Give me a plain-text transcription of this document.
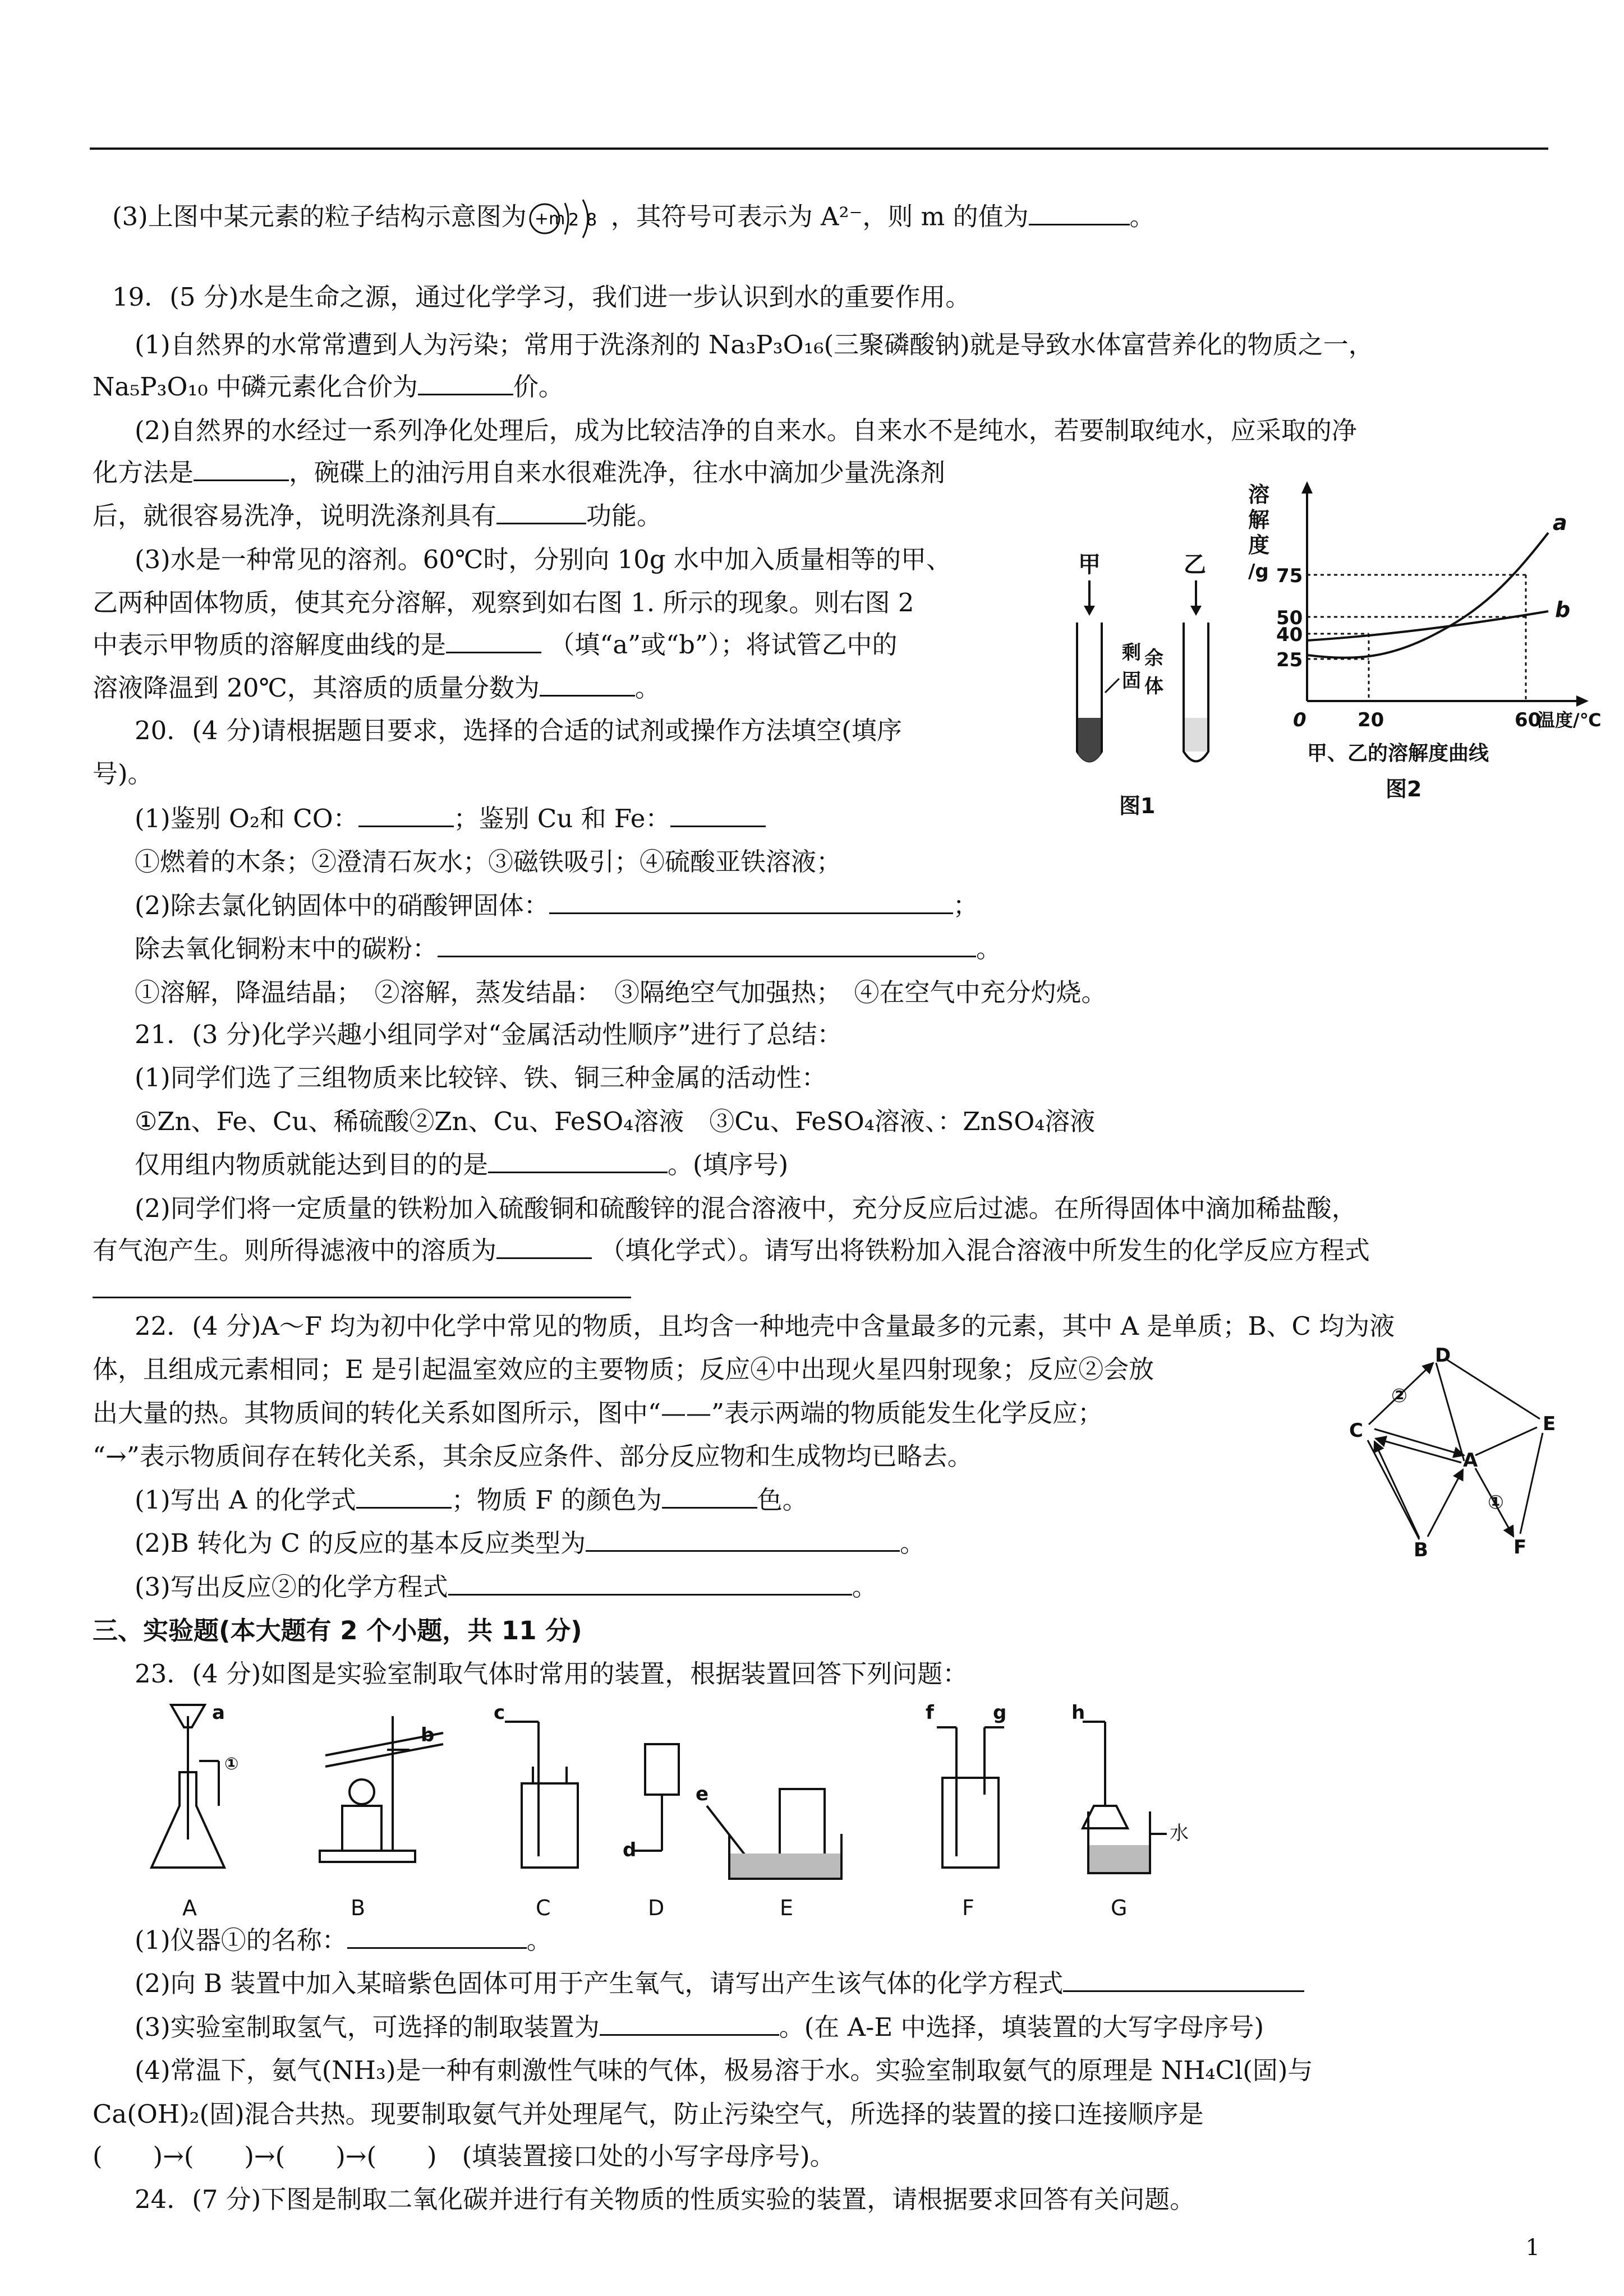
(3)上图中某元素的粒子结构示意图为 +m 2 8 ，其符号可表示为 A²⁻，则 m 的值为	。
19．(5 分)水是生命之源，通过化学学习，我们进一步认识到水的重要作用。
(1)自然界的水常常遭到人为污染；常用于洗涤剂的 Na₃P₃O₁₆(三聚磷酸钠)就是导致水体富营养化的物质之一，
Na₅P₃O₁₀ 中磷元素化合价为	价。
(2)自然界的水经过一系列净化处理后，成为比较洁净的自来水。自来水不是纯水，若要制取纯水，应采取的净
化方法是	，碗碟上的油污用自来水很难洗净，往水中滴加少量洗涤剂
后，就很容易洗净，说明洗涤剂具有	功能。
(3)水是一种常见的溶剂。60℃时，分别向 10g 水中加入质量相等的甲、
乙两种固体物质，使其充分溶解，观察到如右图 1. 所示的现象。则右图 2
中表示甲物质的溶解度曲线的是	（填“a”或“b”）；将试管乙中的
溶液降温到 20℃，其溶质的质量分数为	。
甲	乙
剩 余
固 体
图1
溶
解
度
/g
a
b
75
50
40
25
0	20	60
温度/℃
甲、乙的溶解度曲线
图2
20．(4 分)请根据题目要求，选择的合适的试剂或操作方法填空(填序
号)。
(1)鉴别 O₂和 CO：	；鉴别 Cu 和 Fe：
①燃着的木条；②澄清石灰水；③磁铁吸引；④硫酸亚铁溶液；
(2)除去氯化钠固体中的硝酸钾固体：	；
除去氧化铜粉末中的碳粉：	。
①溶解，降温结晶；　②溶解，蒸发结晶：　③隔绝空气加强热；　④在空气中充分灼烧。
21．(3 分)化学兴趣小组同学对“金属活动性顺序”进行了总结：
(1)同学们选了三组物质来比较锌、铁、铜三种金属的活动性：
①Zn、Fe、Cu、稀硫酸②Zn、Cu、FeSO₄溶液　③Cu、FeSO₄溶液、：ZnSO₄溶液
仅用组内物质就能达到目的的是	。(填序号)
(2)同学们将一定质量的铁粉加入硫酸铜和硫酸锌的混合溶液中，充分反应后过滤。在所得固体中滴加稀盐酸，
有气泡产生。则所得滤液中的溶质为	（填化学式）。请写出将铁粉加入混合溶液中所发生的化学反应方程式
22．(4 分)A～F 均为初中化学中常见的物质，且均含一种地壳中含量最多的元素，其中 A 是单质；B、C 均为液
体，且组成元素相同；E 是引起温室效应的主要物质；反应④中出现火星四射现象；反应②会放
出大量的热。其物质间的转化关系如图所示，图中“——”表示两端的物质能发生化学反应；
“→”表示物质间存在转化关系，其余反应条件、部分反应物和生成物均已略去。
(1)写出 A 的化学式	；物质 F 的颜色为	色。
(2)B 转化为 C 的反应的基本反应类型为	。
(3)写出反应②的化学方程式	。
D
C	E
A
B	F
②
①
三、实验题(本大题有 2 个小题，共 11 分)
23．(4 分)如图是实验室制取气体时常用的装置，根据装置回答下列问题：
A	B	C	D	E	F	G
a
b
c
d
e
f	g	h
①
水
(1)仪器①的名称：	。
(2)向 B 装置中加入某暗紫色固体可用于产生氧气，请写出产生该气体的化学方程式
(3)实验室制取氢气，可选择的制取装置为	。(在 A-E 中选择，填装置的大写字母序号)
(4)常温下，氨气(NH₃)是一种有刺激性气味的气体，极易溶于水。实验室制取氨气的原理是 NH₄Cl(固)与
Ca(OH)₂(固)混合共热。现要制取氨气并处理尾气，防止污染空气，所选择的装置的接口连接顺序是
(　　)→(　　)→(　　)→(　　)　(填装置接口处的小写字母序号)。
24．(7 分)下图是制取二氧化碳并进行有关物质的性质实验的装置，请根据要求回答有关问题。
1
